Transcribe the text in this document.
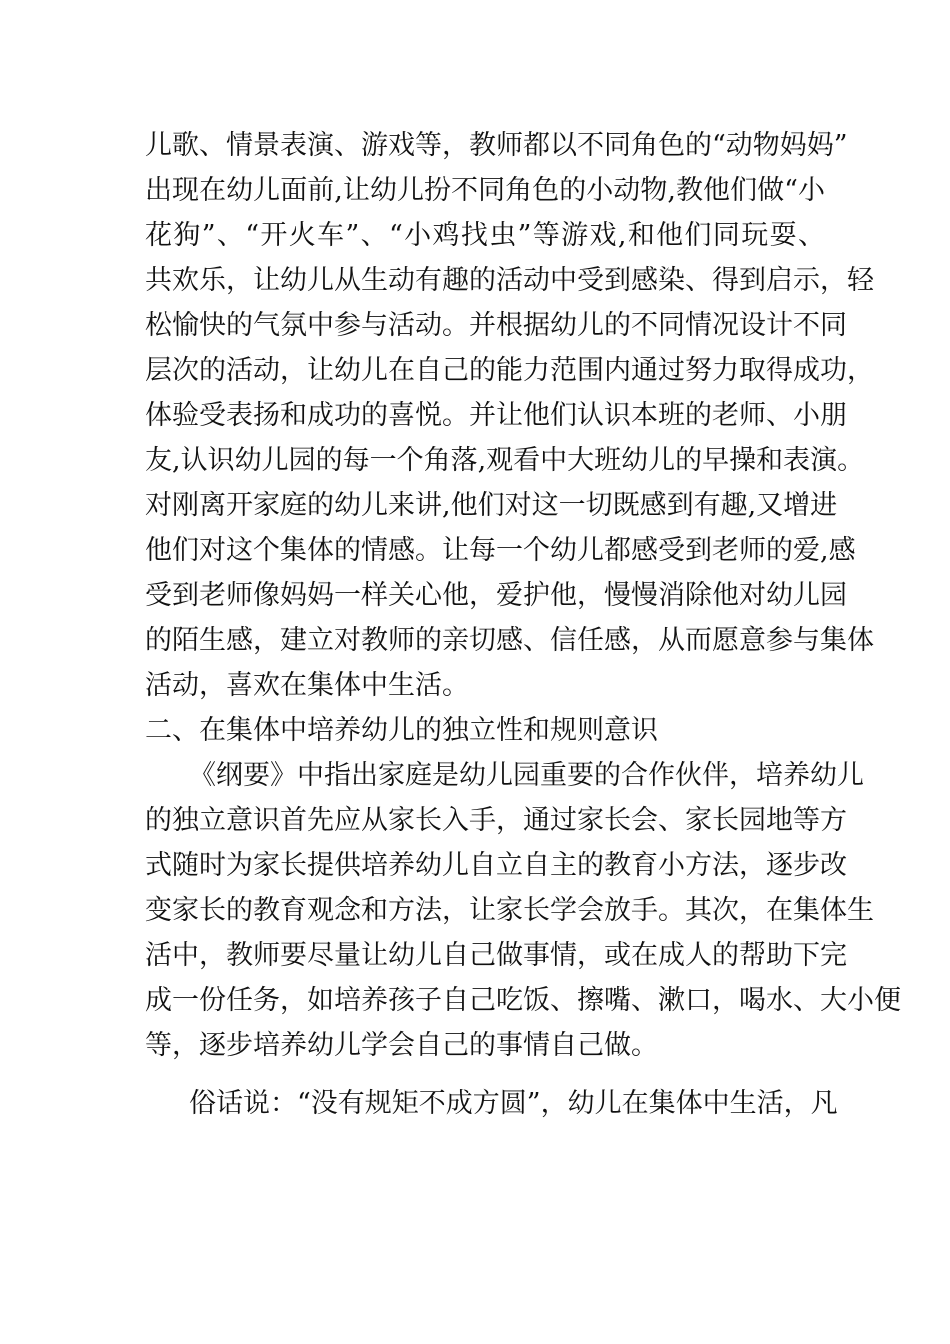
儿歌、情景表演、游戏等，教师都以不同角色的“动物妈妈”
出现在幼儿面前,让幼儿扮不同角色的小动物,教他们做“小
花狗”、“开火车”、“小鸡找虫”等游戏,和他们同玩耍、
共欢乐，让幼儿从生动有趣的活动中受到感染、得到启示，轻
松愉快的气氛中参与活动。并根据幼儿的不同情况设计不同
层次的活动，让幼儿在自己的能力范围内通过努力取得成功，
体验受表扬和成功的喜悦。并让他们认识本班的老师、小朋
友,认识幼儿园的每一个角落,观看中大班幼儿的早操和表演。
对刚离开家庭的幼儿来讲,他们对这一切既感到有趣,又增进
他们对这个集体的情感。让每一个幼儿都感受到老师的爱,感
受到老师像妈妈一样关心他，爱护他，慢慢消除他对幼儿园
的陌生感，建立对教师的亲切感、信任感，从而愿意参与集体
活动，喜欢在集体中生活。
二、在集体中培养幼儿的独立性和规则意识
《纲要》中指出家庭是幼儿园重要的合作伙伴，培养幼儿
的独立意识首先应从家长入手，通过家长会、家长园地等方
式随时为家长提供培养幼儿自立自主的教育小方法，逐步改
变家长的教育观念和方法，让家长学会放手。其次，在集体生
活中，教师要尽量让幼儿自己做事情，或在成人的帮助下完
成一份任务，如培养孩子自己吃饭、擦嘴、漱口，喝水、大小便
等，逐步培养幼儿学会自己的事情自己做。
俗话说：“没有规矩不成方圆”，幼儿在集体中生活，凡
